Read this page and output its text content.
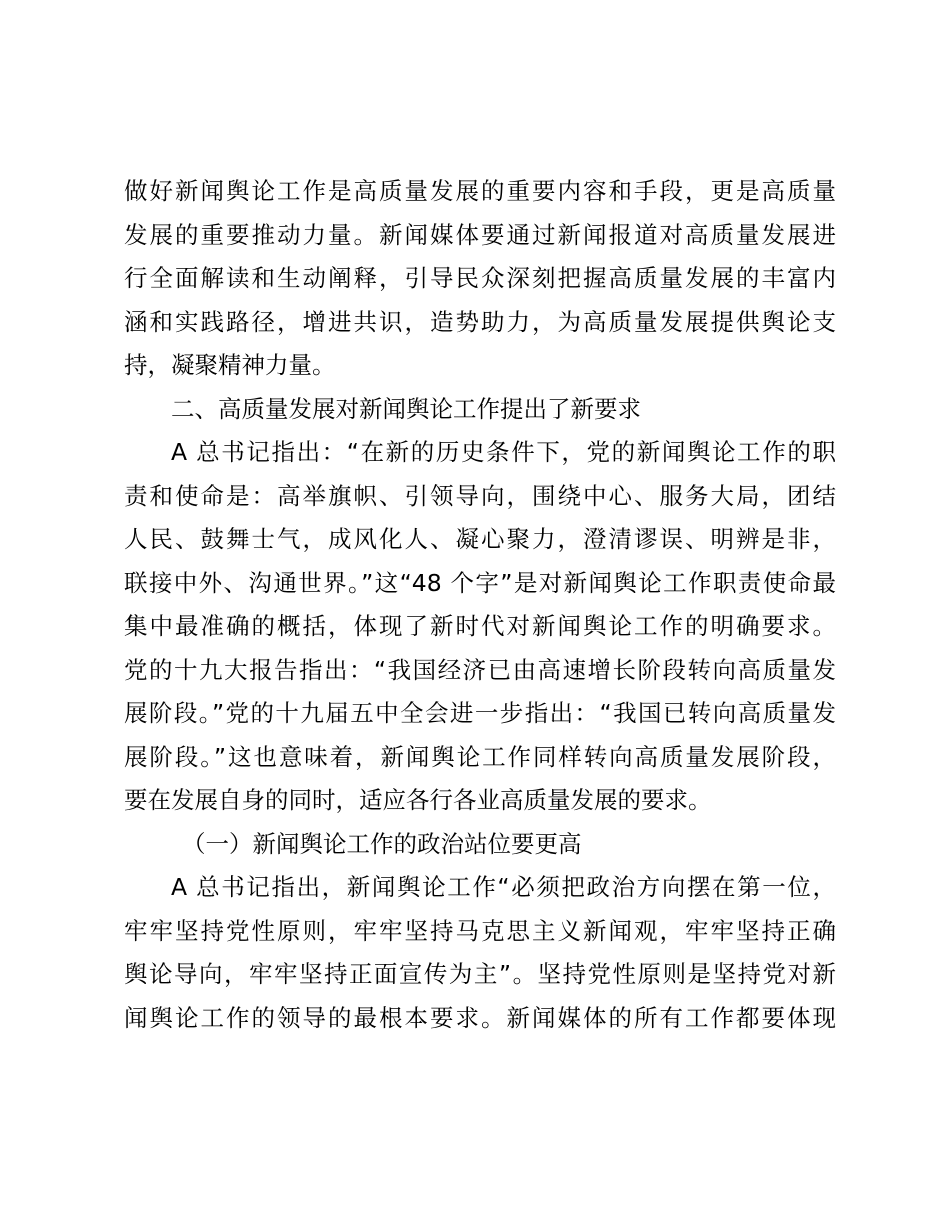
做好新闻舆论工作是高质量发展的重要内容和手段，更是高质量
发展的重要推动力量。新闻媒体要通过新闻报道对高质量发展进
行全面解读和生动阐释，引导民众深刻把握高质量发展的丰富内
涵和实践路径，增进共识，造势助力，为高质量发展提供舆论支
持，凝聚精神力量。
二、高质量发展对新闻舆论工作提出了新要求
A 总书记指出：“在新的历史条件下，党的新闻舆论工作的职
责和使命是：高举旗帜、引领导向，围绕中心、服务大局，团结
人民、鼓舞士气，成风化人、凝心聚力，澄清谬误、明辨是非，
联接中外、沟通世界。”这“48 个字”是对新闻舆论工作职责使命最
集中最准确的概括，体现了新时代对新闻舆论工作的明确要求。
党的十九大报告指出：“我国经济已由高速增长阶段转向高质量发
展阶段。”党的十九届五中全会进一步指出：“我国已转向高质量发
展阶段。”这也意味着，新闻舆论工作同样转向高质量发展阶段，
要在发展自身的同时，适应各行各业高质量发展的要求。
（一）新闻舆论工作的政治站位要更高
A 总书记指出，新闻舆论工作“必须把政治方向摆在第一位，
牢牢坚持党性原则，牢牢坚持马克思主义新闻观，牢牢坚持正确
舆论导向，牢牢坚持正面宣传为主”。坚持党性原则是坚持党对新
闻舆论工作的领导的最根本要求。新闻媒体的所有工作都要体现
